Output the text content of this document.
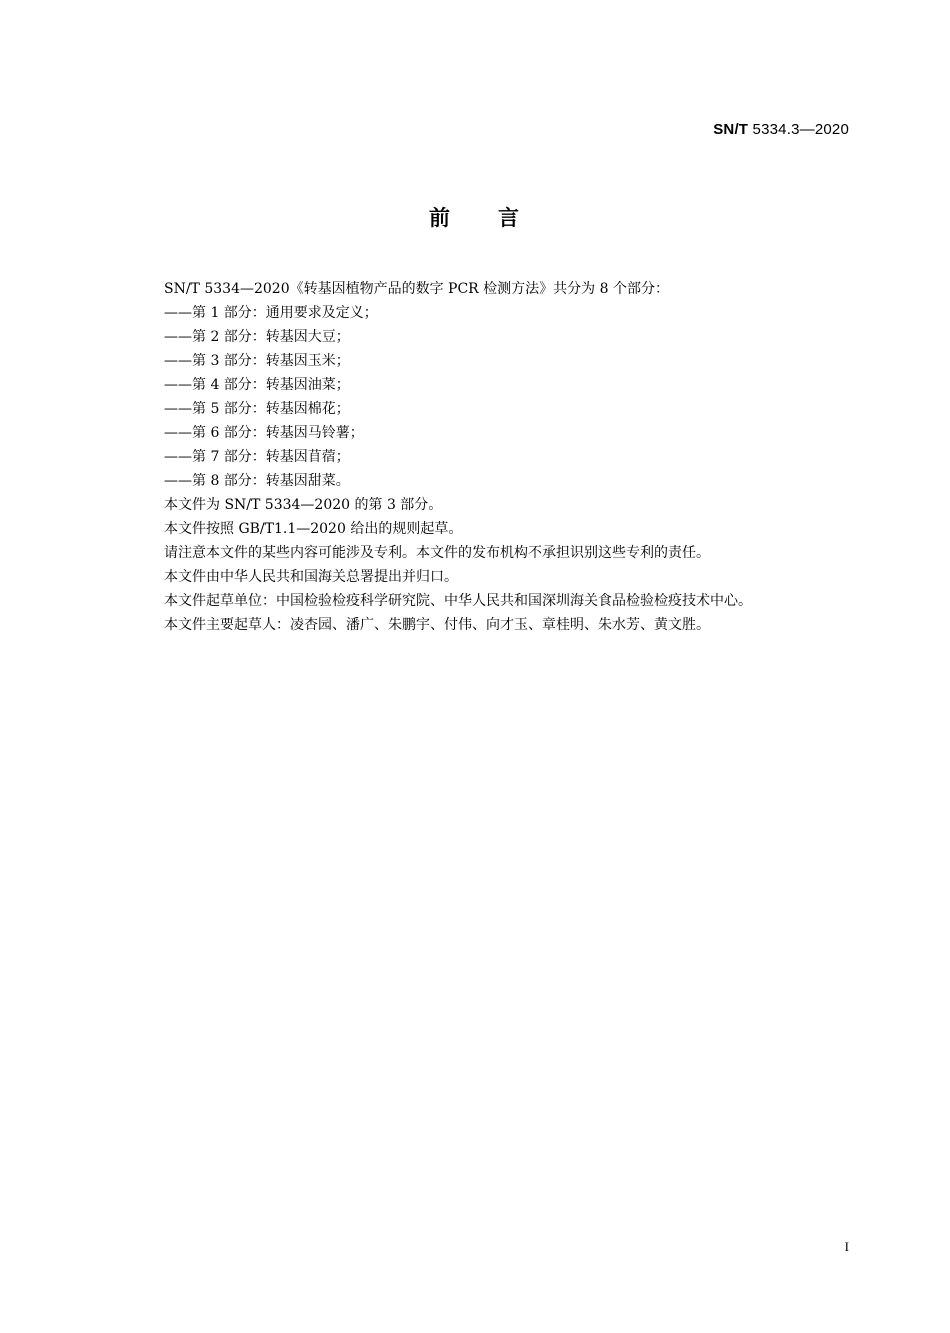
SN/T 5334.3—2020
前 言
SN/T 5334—2020《转基因植物产品的数字 PCR 检测方法》共分为 8 个部分：
——第 1 部分：通用要求及定义；
——第 2 部分：转基因大豆；
——第 3 部分：转基因玉米；
——第 4 部分：转基因油菜；
——第 5 部分：转基因棉花；
——第 6 部分：转基因马铃薯；
——第 7 部分：转基因苜蓿；
——第 8 部分：转基因甜菜。
本文件为 SN/T 5334—2020 的第 3 部分。
本文件按照 GB/T1.1—2020 给出的规则起草。
请注意本文件的某些内容可能涉及专利。本文件的发布机构不承担识别这些专利的责任。
本文件由中华人民共和国海关总署提出并归口。
本文件起草单位：中国检验检疫科学研究院、中华人民共和国深圳海关食品检验检疫技术中心。
本文件主要起草人：凌杏园、潘广、朱鹏宇、付伟、向才玉、章桂明、朱水芳、黄文胜。
I
